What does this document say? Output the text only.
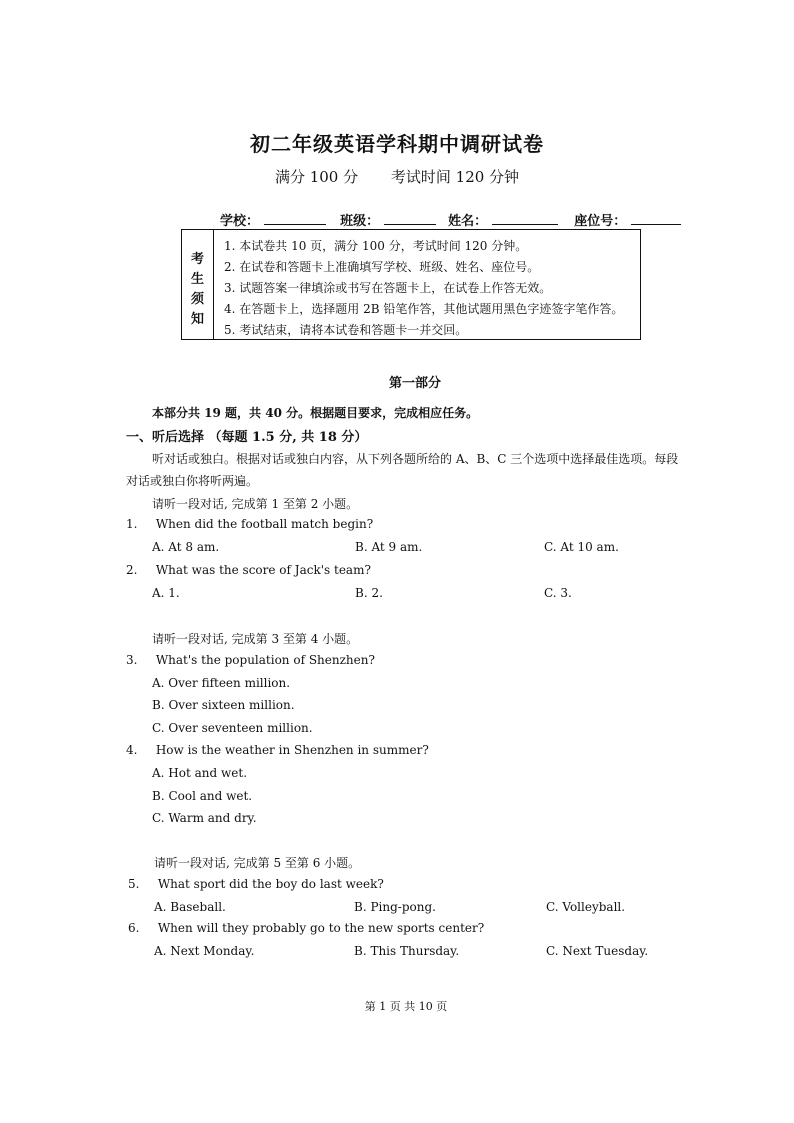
初二年级英语学科期中调研试卷
满分 100 分 考试时间 120 分钟
学校：	班级：	姓名：	座位号：
考
生
须
知
1. 本试卷共 10 页，满分 100 分，考试时间 120 分钟。
2. 在试卷和答题卡上准确填写学校、班级、姓名、座位号。
3. 试题答案一律填涂或书写在答题卡上，在试卷上作答无效。
4. 在答题卡上，选择题用 2B 铅笔作答，其他试题用黑色字迹签字笔作答。
5. 考试结束，请将本试卷和答题卡一并交回。
第一部分
本部分共 19 题，共 40 分。根据题目要求，完成相应任务。
一、听后选择 （每题 1.5 分, 共 18 分）
听对话或独白。根据对话或独白内容，从下列各题所给的 A、B、C 三个选项中选择最佳选项。每段
对话或独白你将听两遍。
请听一段对话, 完成第 1 至第 2 小题。
1. When did the football match begin?
A. At 8 am.	B. At 9 am.	C. At 10 am.
2. What was the score of Jack's team?
A. 1.	B. 2.	C. 3.
请听一段对话, 完成第 3 至第 4 小题。
3. What's the population of Shenzhen?
A. Over fifteen million.
B. Over sixteen million.
C. Over seventeen million.
4. How is the weather in Shenzhen in summer?
A. Hot and wet.
B. Cool and wet.
C. Warm and dry.
请听一段对话, 完成第 5 至第 6 小题。
5. What sport did the boy do last week?
A. Baseball.	B. Ping-pong.	C. Volleyball.
6. When will they probably go to the new sports center?
A. Next Monday.	B. This Thursday.	C. Next Tuesday.
第 1 页 共 10 页
